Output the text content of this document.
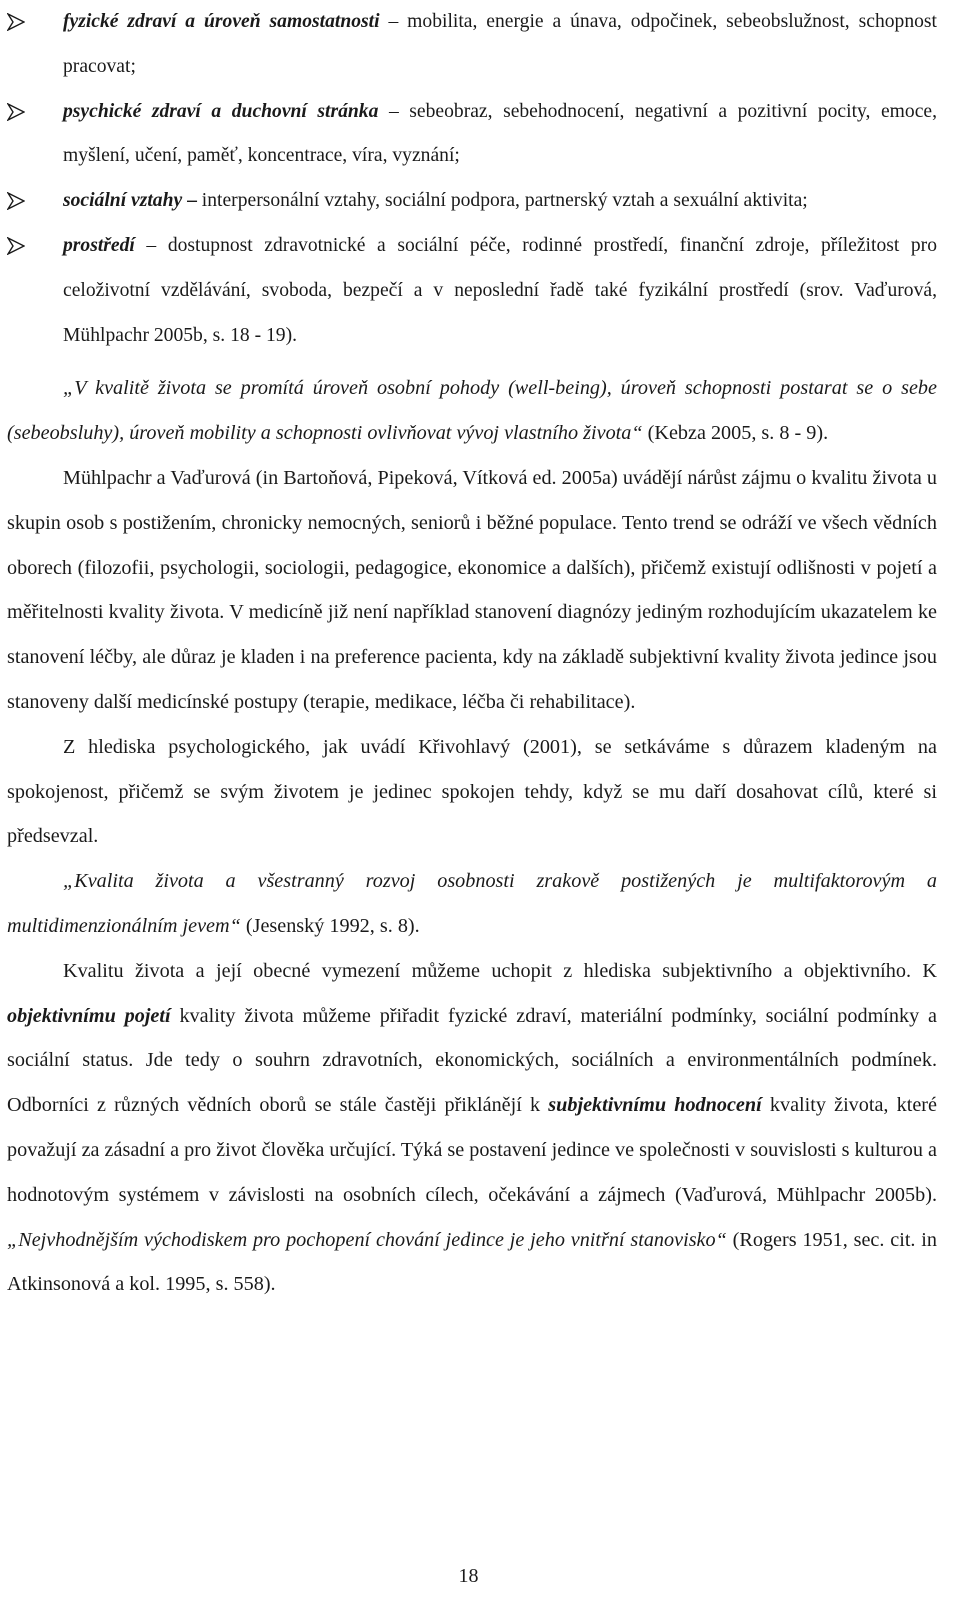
fyzické zdraví a úroveň samostatnosti – mobilita, energie a únava, odpočinek, sebeobslužnost, schopnost pracovat;
psychické zdraví a duchovní stránka – sebeobraz, sebehodnocení, negativní a pozitivní pocity, emoce, myšlení, učení, paměť, koncentrace, víra, vyznání;
sociální vztahy – interpersonální vztahy, sociální podpora, partnerský vztah a sexuální aktivita;
prostředí – dostupnost zdravotnické a sociální péče, rodinné prostředí, finanční zdroje, příležitost pro celoživotní vzdělávání, svoboda, bezpečí a v neposlední řadě také fyzikální prostředí (srov. Vaďurová, Mühlpachr 2005b, s. 18 - 19).

„V kvalitě života se promítá úroveň osobní pohody (well-being), úroveň schopnosti postarat se o sebe (sebeobsluhy), úroveň mobility a schopnosti ovlivňovat vývoj vlastního života“ (Kebza 2005, s. 8 - 9).

Mühlpachr a Vaďurová (in Bartoňová, Pipeková, Vítková ed. 2005a) uvádějí nárůst zájmu o kvalitu života u skupin osob s postižením, chronicky nemocných, seniorů i běžné populace. Tento trend se odráží ve všech vědních oborech (filozofii, psychologii, sociologii, pedagogice, ekonomice a dalších), přičemž existují odlišnosti v pojetí a měřitelnosti kvality života. V medicíně již není například stanovení diagnózy jediným rozhodujícím ukazatelem ke stanovení léčby, ale důraz je kladen i na preference pacienta, kdy na základě subjektivní kvality života jedince jsou stanoveny další medicínské postupy (terapie, medikace, léčba či rehabilitace).

Z hlediska psychologického, jak uvádí Křivohlavý (2001), se setkáváme s důrazem kladeným na spokojenost, přičemž se svým životem je jedinec spokojen tehdy, když se mu daří dosahovat cílů, které si předsevzal.

„Kvalita života a všestranný rozvoj osobnosti zrakově postižených je multifaktorovým a multidimenzionálním jevem“ (Jesenský 1992, s. 8).

Kvalitu života a její obecné vymezení můžeme uchopit z hlediska subjektivního a objektivního. K objektivnímu pojetí kvality života můžeme přiřadit fyzické zdraví, materiální podmínky, sociální podmínky a sociální status. Jde tedy o souhrn zdravotních, ekonomických, sociálních a environmentálních podmínek. Odborníci z různých vědních oborů se stále častěji přiklánějí k subjektivnímu hodnocení kvality života, které považují za zásadní a pro život člověka určující. Týká se postavení jedince ve společnosti v souvislosti s kulturou a hodnotovým systémem v závislosti na osobních cílech, očekávání a zájmech (Vaďurová, Mühlpachr 2005b). „Nejvhodnějším východiskem pro pochopení chování jedince je jeho vnitřní stanovisko“ (Rogers 1951, sec. cit. in Atkinsonová a kol. 1995, s. 558).

18
